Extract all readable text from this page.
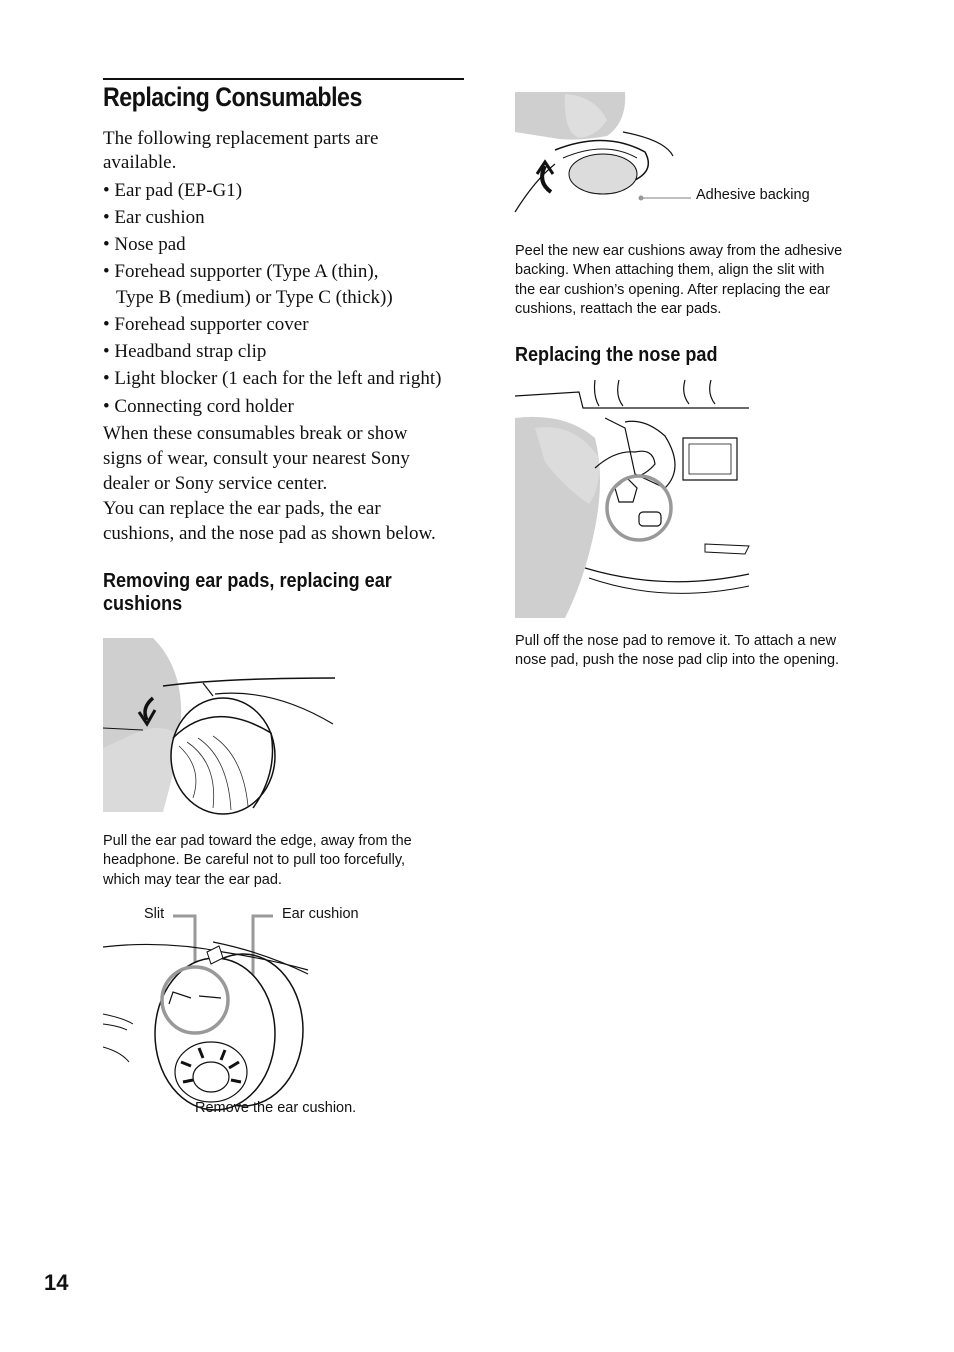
Replacing Consumables
The following replacement parts are
available.
• Ear pad (EP-G1)
• Ear cushion
• Nose pad
• Forehead supporter (Type A (thin),
Type B (medium) or Type C (thick))
• Forehead supporter cover
• Headband strap clip
• Light blocker (1 each for the left and right)
• Connecting cord holder
When these consumables break or show
signs of wear, consult your nearest Sony
dealer or Sony service center.
You can replace the ear pads, the ear
cushions, and the nose pad as shown below.
Removing ear pads, replacing ear
cushions
Pull the ear pad toward the edge, away from the
headphone. Be careful not to pull too forcefully,
which may tear the ear pad.
Slit	Ear cushion
Remove the ear cushion.
Adhesive backing
Peel the new ear cushions away from the adhesive
backing. When attaching them, align the slit with
the ear cushion’s opening. After replacing the ear
cushions, reattach the ear pads.
Replacing the nose pad
Pull off the nose pad to remove it. To attach a new
nose pad, push the nose pad clip into the opening.
14
